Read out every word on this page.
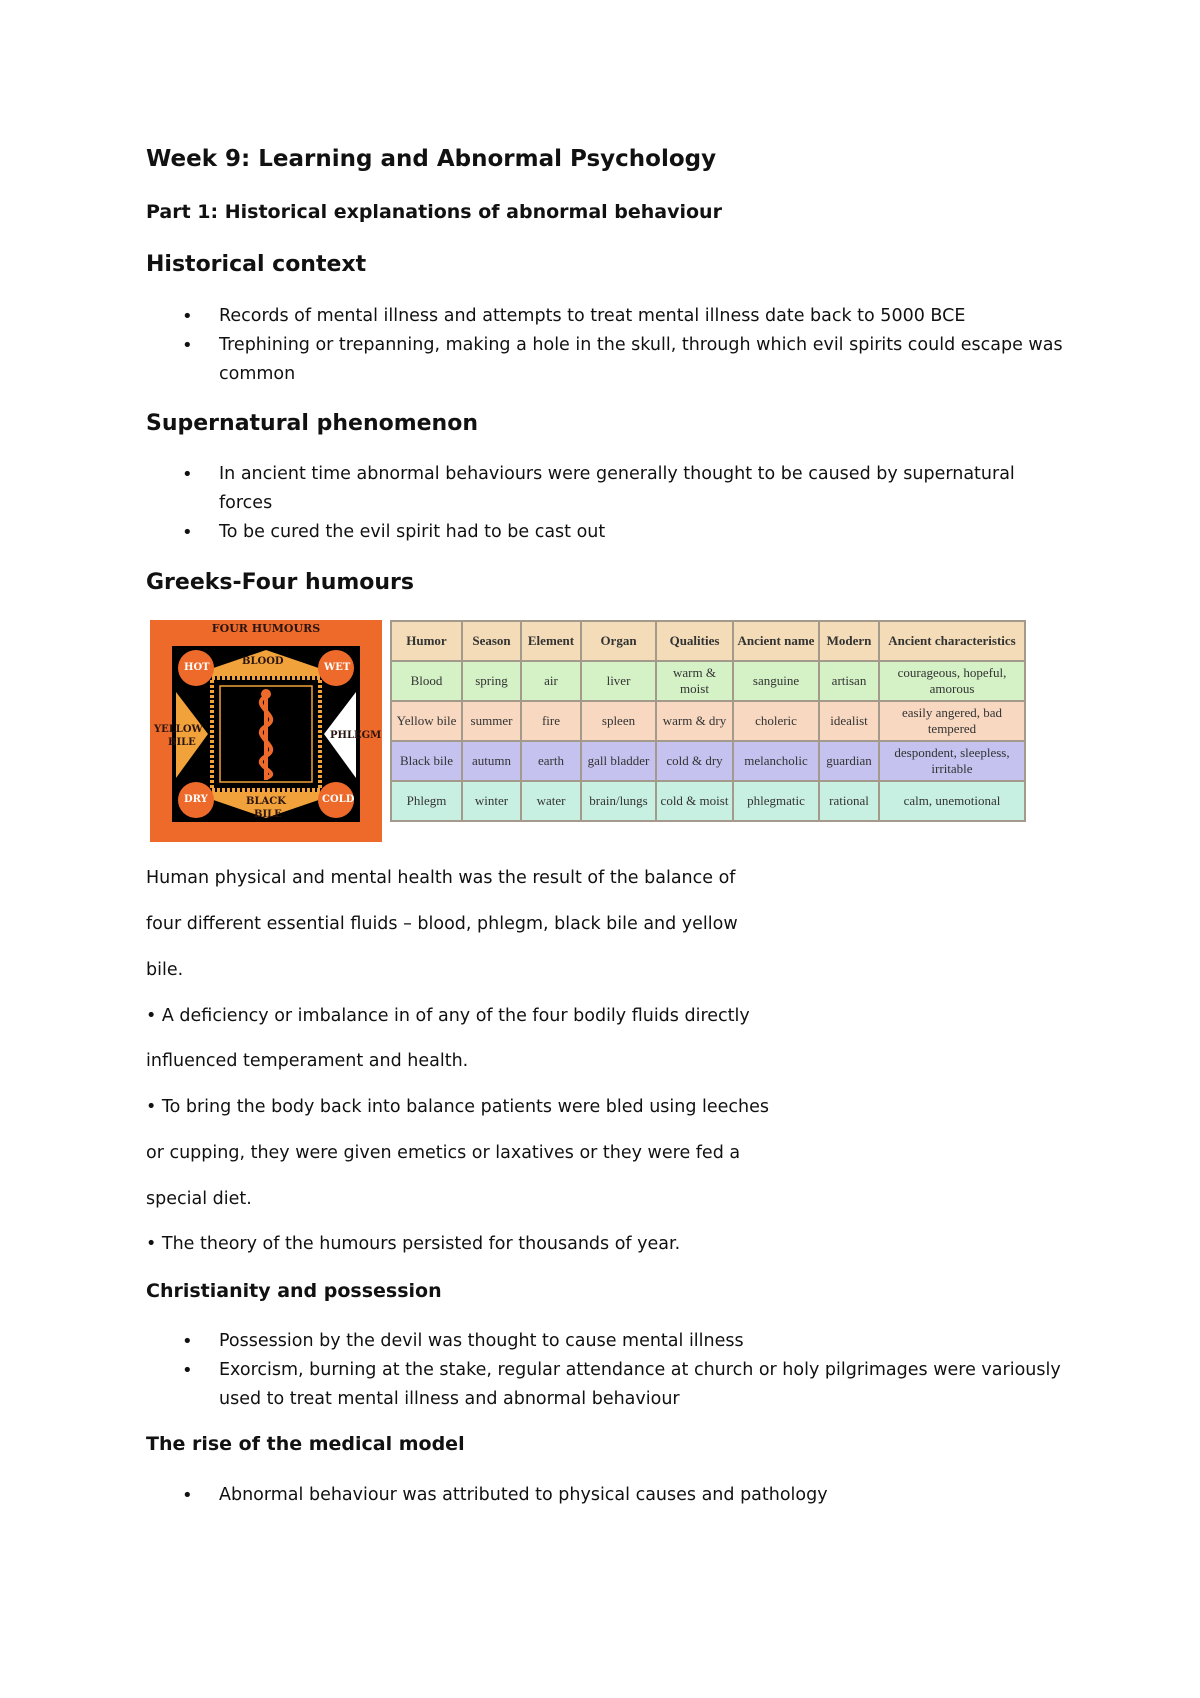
Week 9: Learning and Abnormal Psychology
Part 1: Historical explanations of abnormal behaviour
Historical context
• Records of mental illness and attempts to treat mental illness date back to 5000 BCE
• Trephining or trepanning, making a hole in the skull, through which evil spirits could escape was common
Supernatural phenomenon
• In ancient time abnormal behaviours were generally thought to be caused by supernatural forces
• To be cured the evil spirit had to be cast out
Greeks-Four humours
FOUR HUMOURS
HOT	WET
BLOOD
YELLOW
BILE
PHLEGM
DRY	COLD
BLACK
BILE
Humor	Season	Element	Organ	Qualities	Ancient name	Modern	Ancient characteristics
Blood	spring	air	liver	warm & moist	sanguine	artisan	courageous, hopeful, amorous
Yellow bile	summer	fire	spleen	warm & dry	choleric	idealist	easily angered, bad tempered
Black bile	autumn	earth	gall bladder	cold & dry	melancholic	guardian	despondent, sleepless, irritable
Phlegm	winter	water	brain/lungs	cold & moist	phlegmatic	rational	calm, unemotional
Human physical and mental health was the result of the balance of
four different essential fluids – blood, phlegm, black bile and yellow
bile.
• A deficiency or imbalance in of any of the four bodily fluids directly
influenced temperament and health.
• To bring the body back into balance patients were bled using leeches
or cupping, they were given emetics or laxatives or they were fed a
special diet.
• The theory of the humours persisted for thousands of year.
Christianity and possession
• Possession by the devil was thought to cause mental illness
• Exorcism, burning at the stake, regular attendance at church or holy pilgrimages were variously used to treat mental illness and abnormal behaviour
The rise of the medical model
• Abnormal behaviour was attributed to physical causes and pathology
